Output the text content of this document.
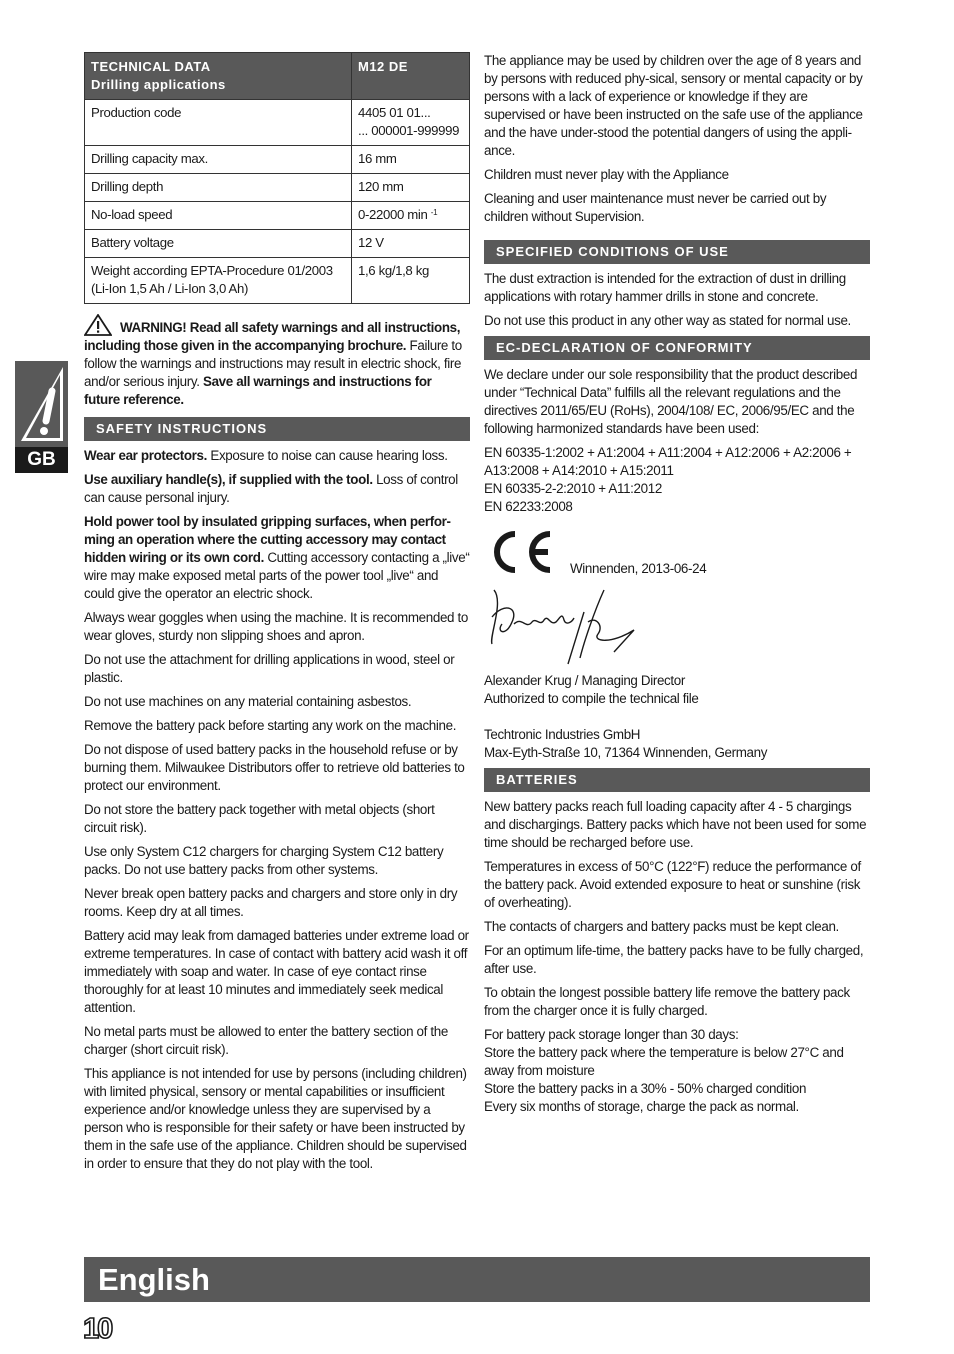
GB
TECHNICAL DATA
Drilling applications	M12 DE
Production code	4405 01 01...
... 000001-999999
Drilling capacity max.	16 mm
Drilling depth	120 mm
No-load speed	0-22000 min $^{-1}$
Battery voltage	12 V
Weight according EPTA-Procedure 01/2003
(Li-Ion 1,5 Ah / Li-Ion 3,0 Ah)	1,6 kg/1,8 kg

WARNING! Read all safety warnings and all instructions, including those given in the accompanying brochure. Failure to follow the warnings and instructions may result in electric shock, fire and/or serious injury. Save all warnings and instructions for future reference.

SAFETY INSTRUCTIONS

Wear ear protectors. Exposure to noise can cause hearing loss.

Use auxiliary handle(s), if supplied with the tool. Loss of control can cause personal injury.

Hold power tool by insulated gripping surfaces, when perfor-ming an operation where the cutting accessory may contact hidden wiring or its own cord. Cutting accessory contacting a „live“ wire may make exposed metal parts of the power tool „live“ and could give the operator an electric shock.

Always wear goggles when using the machine. It is recommended to wear gloves, sturdy non slipping shoes and apron.

Do not use the attachment for drilling applications in wood, steel or plastic.

Do not use machines on any material containing asbestos.

Remove the battery pack before starting any work on the machine.

Do not dispose of used battery packs in the household refuse or by burning them. Milwaukee Distributors offer to retrieve old batteries to protect our environment.

Do not store the battery pack together with metal objects (short circuit risk).

Use only System C12 chargers for charging System C12 battery packs. Do not use battery packs from other systems.

Never break open battery packs and chargers and store only in dry rooms. Keep dry at all times.

Battery acid may leak from damaged batteries under extreme load or extreme temperatures. In case of contact with battery acid wash it off immediately with soap and water. In case of eye contact rinse thoroughly for at least 10 minutes and immediately seek medical attention.

No metal parts must be allowed to enter the battery section of the charger (short circuit risk).

This appliance is not intended for use by persons (including children) with limited physical, sensory or mental capabilities or insufficient experience and/or knowledge unless they are supervised by a person who is responsible for their safety or have been instructed by them in the safe use of the appliance. Children should be supervised in order to ensure that they do not play with the tool.

The appliance may be used by children over the age of 8 years and by persons with reduced phy-sical, sensory or mental capacity or by persons with a lack of experience or knowledge if they are supervised or have been instructed on the safe use of the appliance and the have under-stood the potential dangers of using the appli-ance.

Children must never play with the Appliance

Cleaning and user maintenance must never be carried out by children without Supervision.

SPECIFIED CONDITIONS OF USE

The dust extraction is intended for the extraction of dust in drilling applications with rotary hammer drills in stone and concrete.

Do not use this product in any other way as stated for normal use.

EC-DECLARATION OF CONFORMITY

We declare under our sole responsibility that the product described under “Technical Data” fulfills all the relevant regulations and the directives 2011/65/EU (RoHs), 2004/108/ EC, 2006/95/EC and the following harmonized standards have been used:

EN 60335-1:2002 + A1:2004 + A11:2004 + A12:2006 + A2:2006 + A13:2008 + A14:2010 + A15:2011
EN 60335-2-2:2010 + A11:2012
EN 62233:2008

Winnenden, 2013-06-24

Alexander Krug / Managing Director
Authorized to compile the technical file

Techtronic Industries GmbH
Max-Eyth-Straße 10, 71364 Winnenden, Germany

BATTERIES

New battery packs reach full loading capacity after 4 - 5 chargings and dischargings. Battery packs which have not been used for some time should be recharged before use.

Temperatures in excess of 50°C (122°F) reduce the performance of the battery pack. Avoid extended exposure to heat or sunshine (risk of overheating).

The contacts of chargers and battery packs must be kept clean.

For an optimum life-time, the battery packs have to be fully charged, after use.

To obtain the longest possible battery life remove the battery pack from the charger once it is fully charged.

For battery pack storage longer than 30 days:
Store the battery pack where the temperature is below 27°C and away from moisture
Store the battery packs in a 30% - 50% charged condition
Every six months of storage, charge the pack as normal.

English
10
